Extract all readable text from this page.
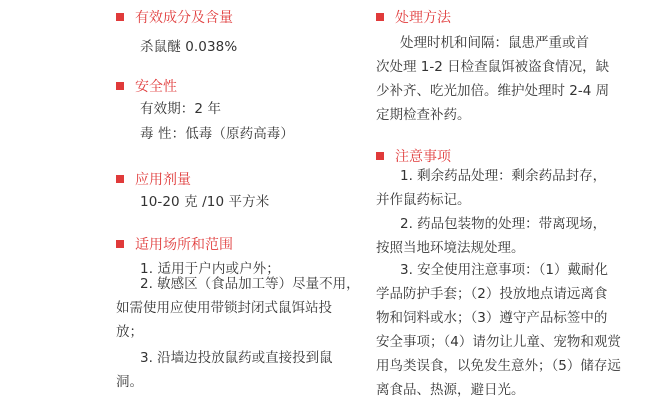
有效成分及含量
杀鼠醚 0.038%
安全性
有效期：2 年
毒 性：低毒（原药高毒）
应用剂量
10-20 克 /10 平方米
适用场所和范围
1. 适用于户内或户外；
2. 敏感区（食品加工等）尽量不用，
如需使用应使用带锁封闭式鼠饵站投
放；
3. 沿墙边投放鼠药或直接投到鼠
洞。
处理方法
处理时机和间隔：鼠患严重或首
次处理 1-2 日检查鼠饵被盗食情况，缺
少补齐、吃光加倍。维护处理时 2-4 周
定期检查补药。
注意事项
1. 剩余药品处理：剩余药品封存，
并作鼠药标记。
2. 药品包装物的处理：带离现场，
按照当地环境法规处理。
3. 安全使用注意事项：（1）戴耐化
学品防护手套；（2）投放地点请远离食
物和饲料或水；（3）遵守产品标签中的
安全事项；（4）请勿让儿童、宠物和观赏
用鸟类误食，以免发生意外；（5）储存远
离食品、热源，避日光。
